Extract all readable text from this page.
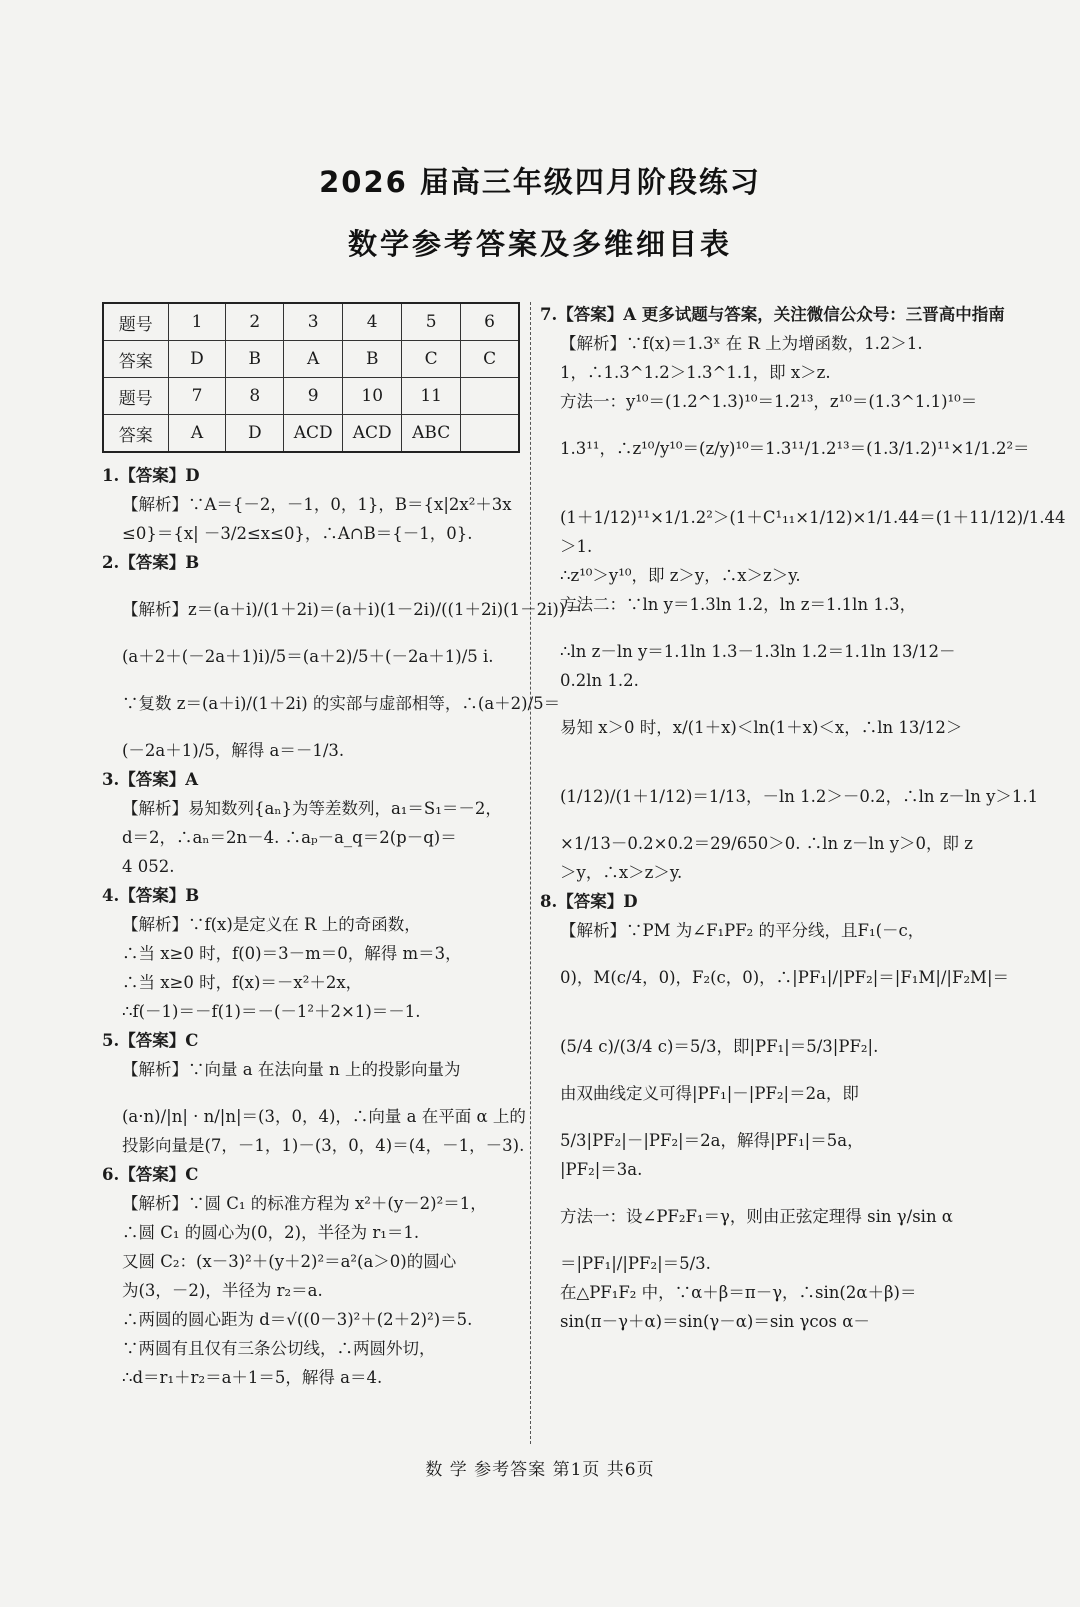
2026 届高三年级四月阶段练习
数学参考答案及多维细目表
题号	1	2	3	4	5	6
答案	D	B	A	B	C	C
题号	7	8	9	10	11	
答案	A	D	ACD	ACD	ABC	
1.【答案】D
【解析】∵A＝{－2，－1，0，1}，B＝{x|2x²＋3x
≤0}＝{x| －3/2≤x≤0}，∴A∩B＝{－1，0}.
2.【答案】B
【解析】z＝(a＋i)/(1＋2i)＝(a＋i)(1－2i)/((1＋2i)(1－2i))＝
(a＋2＋(－2a＋1)i)/5＝(a＋2)/5＋(－2a＋1)/5 i.
∵复数 z＝(a＋i)/(1＋2i) 的实部与虚部相等，∴(a＋2)/5＝
(－2a＋1)/5，解得 a＝－1/3.
3.【答案】A
【解析】易知数列{aₙ}为等差数列，a₁＝S₁＝－2，
d＝2，∴aₙ＝2n－4. ∴aₚ－a_q＝2(p－q)＝
4 052.
4.【答案】B
【解析】∵f(x)是定义在 R 上的奇函数，
∴当 x≥0 时，f(0)＝3－m＝0，解得 m＝3，
∴当 x≥0 时，f(x)＝－x²＋2x，
∴f(－1)＝－f(1)＝－(－1²＋2×1)＝－1.
5.【答案】C
【解析】∵向量 a 在法向量 n 上的投影向量为
(a·n)/|n| · n/|n|＝(3，0，4)，∴向量 a 在平面 α 上的
投影向量是(7，－1，1)－(3，0，4)＝(4，－1，－3).
6.【答案】C
【解析】∵圆 C₁ 的标准方程为 x²＋(y－2)²＝1，
∴圆 C₁ 的圆心为(0，2)，半径为 r₁＝1.
又圆 C₂：(x－3)²＋(y＋2)²＝a²(a＞0)的圆心
为(3，－2)，半径为 r₂＝a.
∴两圆的圆心距为 d＝√((0－3)²＋(2＋2)²)＝5.
∵两圆有且仅有三条公切线，∴两圆外切，
∴d＝r₁＋r₂＝a＋1＝5，解得 a＝4.
7.【答案】A 更多试题与答案，关注微信公众号：三晋高中指南
【解析】∵f(x)＝1.3ˣ 在 R 上为增函数，1.2＞1.
1，∴1.3^1.2＞1.3^1.1，即 x＞z.
方法一：y¹⁰＝(1.2^1.3)¹⁰＝1.2¹³，z¹⁰＝(1.3^1.1)¹⁰＝
1.3¹¹，∴z¹⁰/y¹⁰＝(z/y)¹⁰＝1.3¹¹/1.2¹³＝(1.3/1.2)¹¹×1/1.2²＝
(1＋1/12)¹¹×1/1.2²＞(1＋C¹₁₁×1/12)×1/1.44＝(1＋11/12)/1.44
＞1.
∴z¹⁰＞y¹⁰，即 z＞y，∴x＞z＞y.
方法二：∵ln y＝1.3ln 1.2，ln z＝1.1ln 1.3，
∴ln z－ln y＝1.1ln 1.3－1.3ln 1.2＝1.1ln 13/12－
0.2ln 1.2.
易知 x＞0 时，x/(1＋x)＜ln(1＋x)＜x，∴ln 13/12＞
(1/12)/(1＋1/12)＝1/13，－ln 1.2＞－0.2，∴ln z－ln y＞1.1
×1/13－0.2×0.2＝29/650＞0. ∴ln z－ln y＞0，即 z
＞y，∴x＞z＞y.
8.【答案】D
【解析】∵PM 为∠F₁PF₂ 的平分线，且F₁(－c，
0)，M(c/4，0)，F₂(c，0)，∴|PF₁|/|PF₂|＝|F₁M|/|F₂M|＝
(5/4 c)/(3/4 c)＝5/3，即|PF₁|＝5/3|PF₂|.
由双曲线定义可得|PF₁|－|PF₂|＝2a，即
5/3|PF₂|－|PF₂|＝2a，解得|PF₁|＝5a，
|PF₂|＝3a.
方法一：设∠PF₂F₁＝γ，则由正弦定理得 sin γ/sin α
＝|PF₁|/|PF₂|＝5/3.
在△PF₁F₂ 中，∵α＋β＝π－γ，∴sin(2α＋β)＝
sin(π－γ＋α)＝sin(γ－α)＝sin γcos α－
数 学 参考答案 第1页 共6页
